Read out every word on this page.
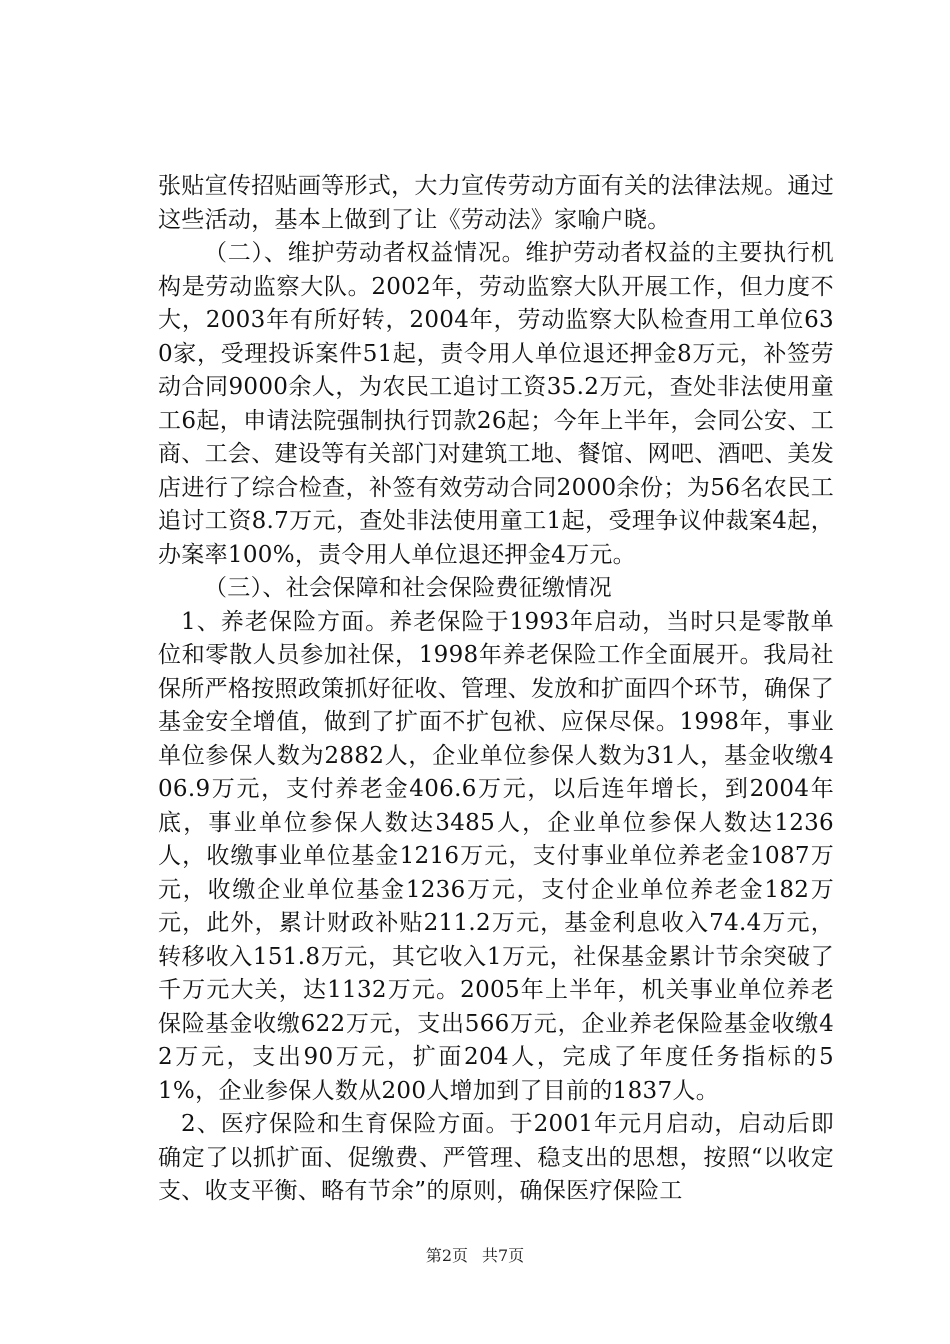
张贴宣传招贴画等形式，大力宣传劳动方面有关的法律法规。通过这些活动，基本上做到了让《劳动法》家喻户晓。

（二）、维护劳动者权益情况。维护劳动者权益的主要执行机构是劳动监察大队。2002年，劳动监察大队开展工作，但力度不大，2003年有所好转，2004年，劳动监察大队检查用工单位630家，受理投诉案件51起，责令用人单位退还押金8万元，补签劳动合同9000余人，为农民工追讨工资35.2万元，查处非法使用童工6起，申请法院强制执行罚款26起；今年上半年，会同公安、工商、工会、建设等有关部门对建筑工地、餐馆、网吧、酒吧、美发店进行了综合检查，补签有效劳动合同2000余份；为56名农民工追讨工资8.7万元，查处非法使用童工1起，受理争议仲裁案4起，办案率100%，责令用人单位退还押金4万元。

（三）、社会保障和社会保险费征缴情况

1、养老保险方面。养老保险于1993年启动，当时只是零散单位和零散人员参加社保，1998年养老保险工作全面展开。我局社保所严格按照政策抓好征收、管理、发放和扩面四个环节，确保了基金安全增值，做到了扩面不扩包袱、应保尽保。1998年，事业单位参保人数为2882人，企业单位参保人数为31人，基金收缴406.9万元，支付养老金406.6万元，以后连年增长，到2004年底，事业单位参保人数达3485人，企业单位参保人数达1236人，收缴事业单位基金1216万元，支付事业单位养老金1087万元，收缴企业单位基金1236万元，支付企业单位养老金182万元，此外，累计财政补贴211.2万元，基金利息收入74.4万元，转移收入151.8万元，其它收入1万元，社保基金累计节余突破了千万元大关，达1132万元。2005年上半年，机关事业单位养老保险基金收缴622万元，支出566万元，企业养老保险基金收缴42万元，支出90万元，扩面204人，完成了年度任务指标的51%，企业参保人数从200人增加到了目前的1837人。

2、医疗保险和生育保险方面。于2001年元月启动，启动后即确定了以抓扩面、促缴费、严管理、稳支出的思想，按照“以收定支、收支平衡、略有节余”的原则，确保医疗保险工

第2页 共7页
